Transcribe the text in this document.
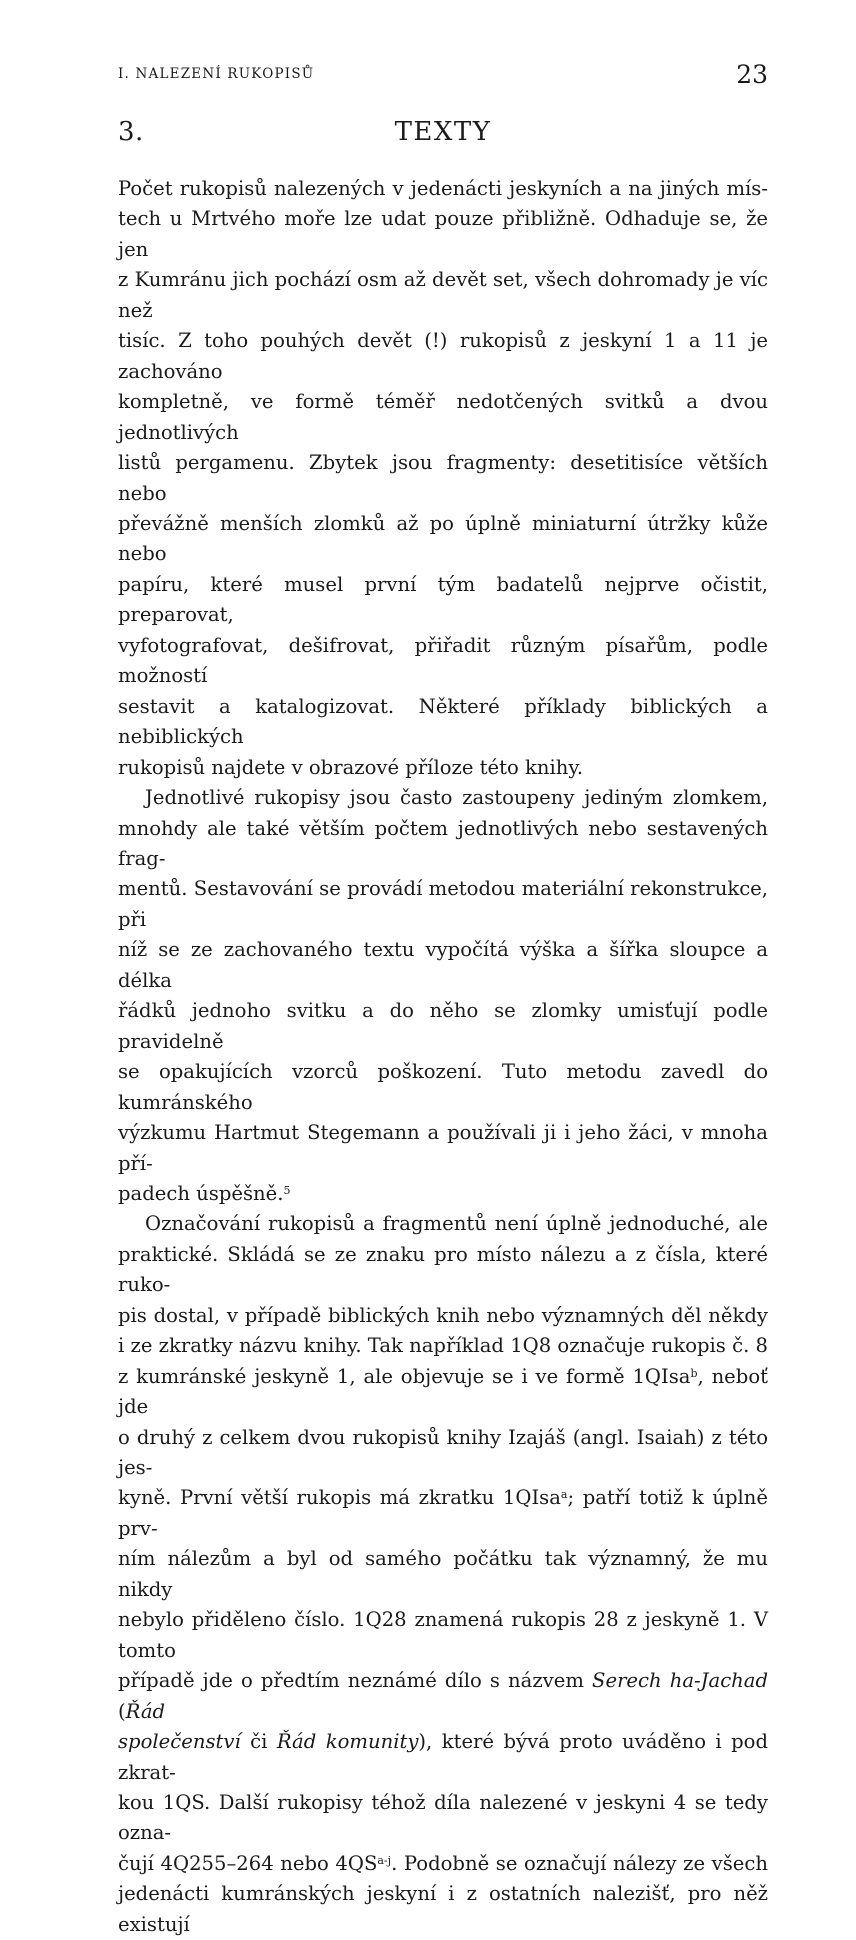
I. NALEZENÍ RUKOPISŮ	23
3.	TEXTY

Počet rukopisů nalezených v jedenácti jeskyních a na jiných mís-

tech u Mrtvého moře lze udat pouze přibližně. Odhaduje se, že jen

z Kumránu jich pochází osm až devět set, všech dohromady je víc než

tisíc. Z toho pouhých devět (!) rukopisů z jeskyní 1 a 11 je zachováno

kompletně, ve formě téměř nedotčených svitků a dvou jednotlivých

listů pergamenu. Zbytek jsou fragmenty: desetitisíce větších nebo

převážně menších zlomků až po úplně miniaturní útržky kůže nebo

papíru, které musel první tým badatelů nejprve očistit, preparovat,

vyfotografovat, dešifrovat, přiřadit různým písařům, podle možností

sestavit a katalogizovat. Některé příklady biblických a nebiblických

rukopisů najdete v obrazové příloze této knihy.

Jednotlivé rukopisy jsou často zastoupeny jediným zlomkem,

mnohdy ale také větším počtem jednotlivých nebo sestavených frag-

mentů. Sestavování se provádí metodou materiální rekonstrukce, při

níž se ze zachovaného textu vypočítá výška a šířka sloupce a délka

řádků jednoho svitku a do něho se zlomky umisťují podle pravidelně

se opakujících vzorců poškození. Tuto metodu zavedl do kumránského

výzkumu Hartmut Stegemann a používali ji i jeho žáci, v mnoha pří-

padech úspěšně.$^5$

Označování rukopisů a fragmentů není úplně jednoduché, ale

praktické. Skládá se ze znaku pro místo nálezu a z čísla, které ruko-

pis dostal, v případě biblických knih nebo významných děl někdy

i ze zkratky názvu knihy. Tak například 1Q8 označuje rukopis č. 8

z kumránské jeskyně 1, ale objevuje se i ve formě 1QIsa$^b$, neboť jde

o druhý z celkem dvou rukopisů knihy Izajáš (angl. Isaiah) z této jes-

kyně. První větší rukopis má zkratku 1QIsa$^a$; patří totiž k úplně prv-

ním nálezům a byl od samého počátku tak významný, že mu nikdy

nebylo přiděleno číslo. 1Q28 znamená rukopis 28 z jeskyně 1. V tomto

případě jde o předtím neznámé dílo s názvem Serech ha-Jachad (Řád

společenství či Řád komunity), které bývá proto uváděno i pod zkrat-

kou 1QS. Další rukopisy téhož díla nalezené v jeskyni 4 se tedy ozna-

čují 4Q255–264 nebo 4QS$^{a-j}$. Podobně se označují nálezy ze všech

jedenácti kumránských jeskyní i z ostatních nalezišť, pro něž existují
